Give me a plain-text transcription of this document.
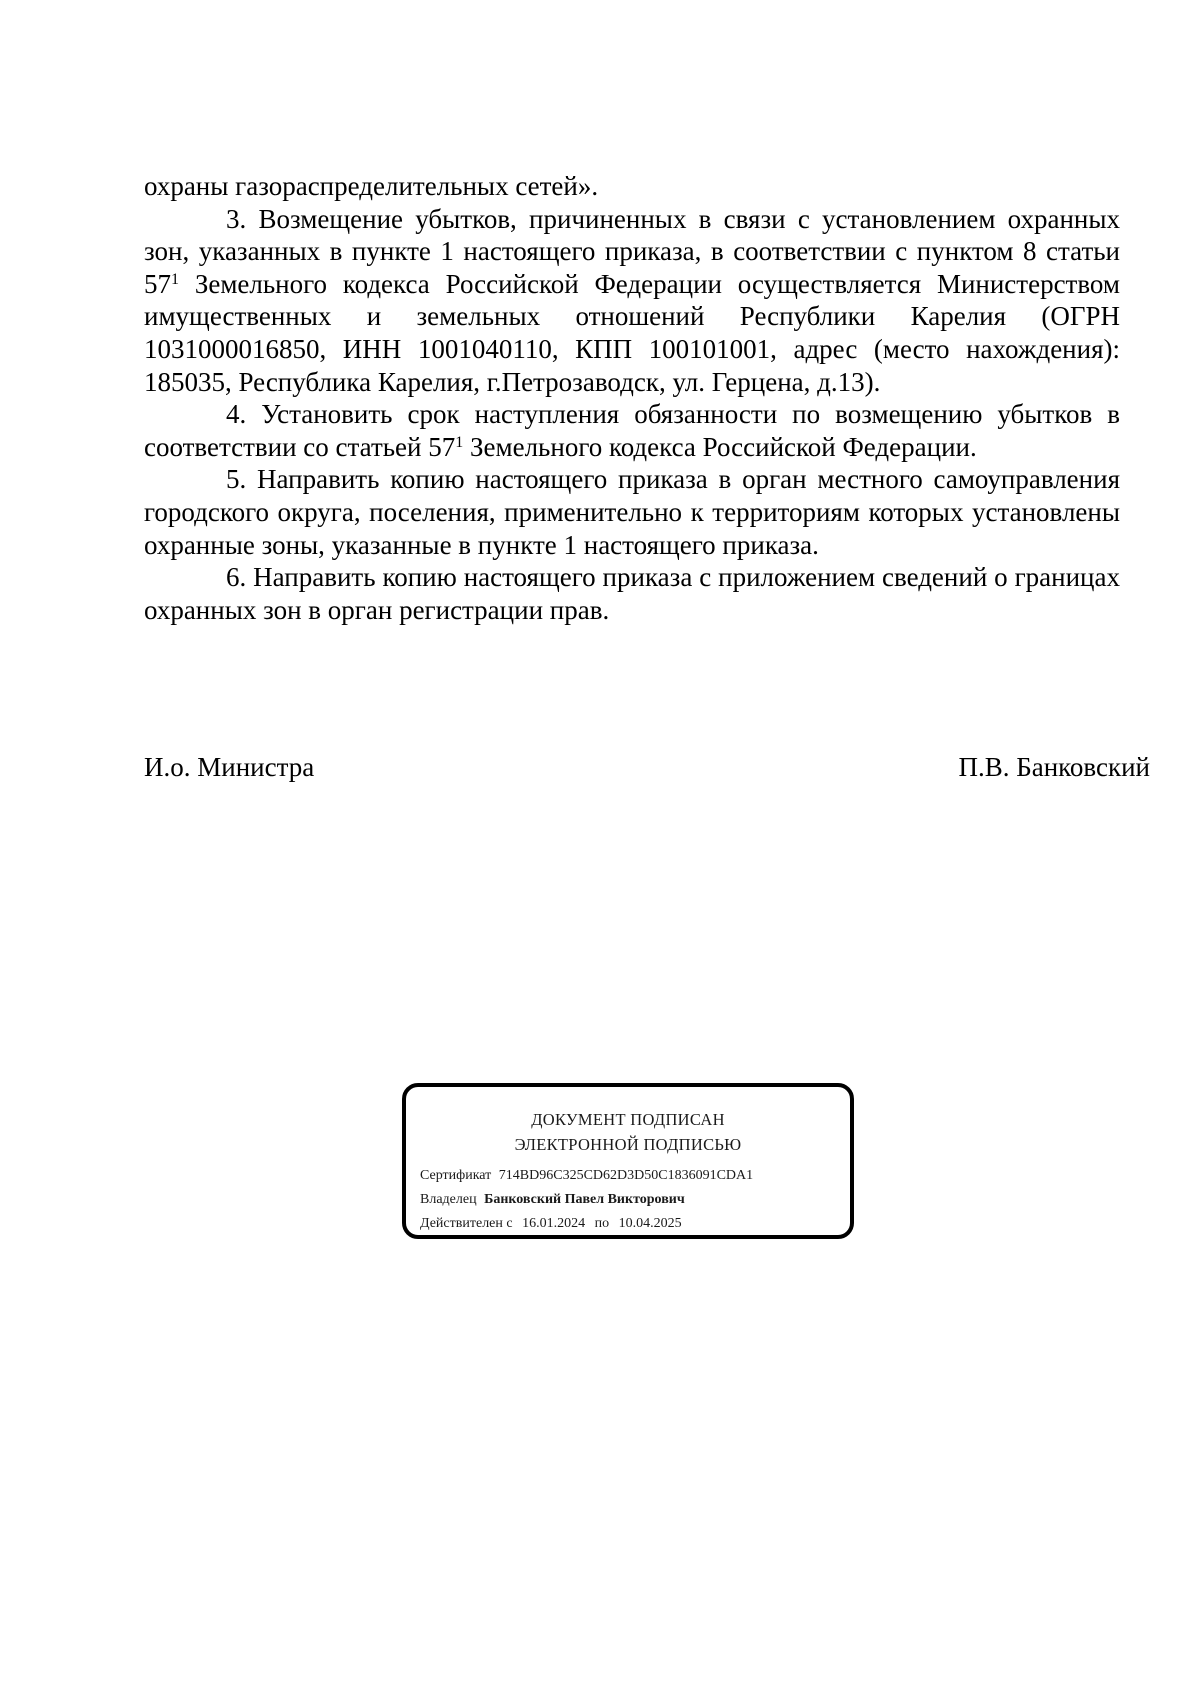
охраны газораспределительных сетей».

3. Возмещение убытков, причиненных в связи с установлением охранных зон, указанных в пункте 1 настоящего приказа, в соответствии с пунктом 8 статьи $57^1$ Земельного кодекса Российской Федерации осуществляется Министерством имущественных и земельных отношений Республики Карелия (ОГРН 1031000016850, ИНН 1001040110, КПП 100101001, адрес (место нахождения): 185035, Республика Карелия, г.Петрозаводск, ул. Герцена, д.13).

4. Установить срок наступления обязанности по возмещению убытков в соответствии со статьей $57^1$ Земельного кодекса Российской Федерации.

5. Направить копию настоящего приказа в орган местного самоуправления городского округа, поселения, применительно к территориям которых установлены охранные зоны, указанные в пункте 1 настоящего приказа.

6. Направить копию настоящего приказа с приложением сведений о границах охранных зон в орган регистрации прав.

И.о. Министра	П.В. Банковский
ДОКУМЕНТ ПОДПИСАН
ЭЛЕКТРОННОЙ ПОДПИСЬЮ
Сертификат 714BD96C325CD62D3D50C1836091CDA1
Владелец Банковский Павел Викторович
Действителен с 16.01.2024 по 10.04.2025
